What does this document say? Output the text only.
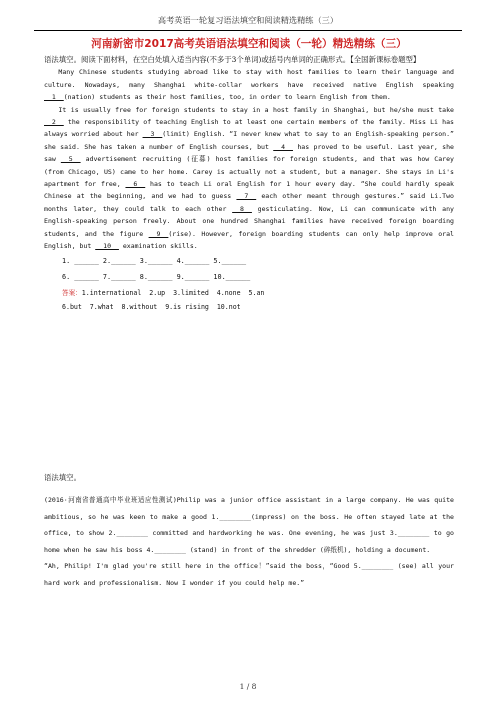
高考英语一轮复习语法填空和阅读精选精练（三）

河南新密市2017高考英语语法填空和阅读（一轮）精选精练（三）

语法填空。阅读下面材料，在空白处填入适当内容(不多于3个单词)或括号内单词的正确形式。【全国新课标卷题型】

Many Chinese students studying abroad like to stay with host families to learn their language and culture. Nowadays, many Shanghai white-collar workers have received native English speaking __1__(nation) students as their host families, too, in order to learn English from them.

It is usually free for foreign students to stay in a host family in Shanghai, but he/she must take __2__ the responsibility of teaching English to at least one certain members of the family. Miss Li has always worried about her __3__(limit) English. “I never knew what to say to an English-speaking person.” she said. She has taken a number of English courses, but __4__ has proved to be useful. Last year, she saw __5__ advertisement recruiting (征募) host families for foreign students, and that was how Carey (from Chicago, US) came to her home. Carey is actually not a student, but a manager. She stays in Li's apartment for free, __6__ has to teach Li oral English for 1 hour every day. “She could hardly speak Chinese at the beginning, and we had to guess __7__ each other meant through gestures.” said Li.Two months later, they could talk to each other __8__ gesticulating. Now, Li can communicate with any English-speaking person freely. About one hundred Shanghai families have received foreign boarding students, and the figure __9__(rise). However, foreign boarding students can only help improve oral English, but __10__ examination skills.

1. ______ 2.______ 3.______ 4.______ 5.______

6. ______ 7.______ 8.______ 9.______ 10.______

答案：1.international  2.up  3.limited  4.none  5.an

6.but  7.what  8.without  9.is rising  10.not

语法填空。

(2016·河南省普通高中毕业班适应性测试)Philip was a junior office assistant in a large company. He was quite ambitious, so he was keen to make a good 1.________(impress) on the boss. He often stayed late at the office, to show 2.________ committed and hardworking he was. One evening, he was just 3.________ to go home when he saw his boss 4.________ (stand) in front of the shredder (碎纸机), holding a document.

“Ah, Philip! I'm glad you're still here in the office！”said the boss，“Good 5.________ (see) all your hard work and professionalism. Now I wonder if you could help me.”

1 / 8
